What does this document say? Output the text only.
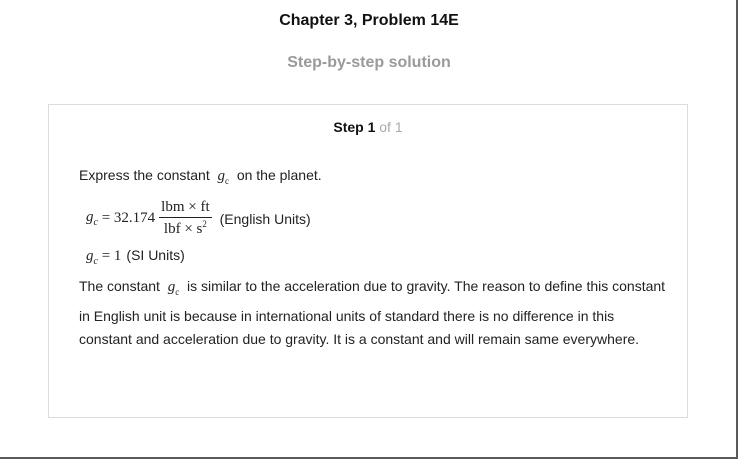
Chapter 3, Problem 14E
Step-by-step solution
Step 1 of 1
Express the constant $g_c$ on the planet.
$g_c = 32.174 \frac{\text{lbm × ft}}{lbf \times s^2}$ (English Units)
$g_c = 1$ (SI Units)
The constant $g_c$ is similar to the acceleration due to gravity. The reason to define this constant in English unit is because in international units of standard there is no difference in this constant and acceleration due to gravity. It is a constant and will remain same everywhere.
